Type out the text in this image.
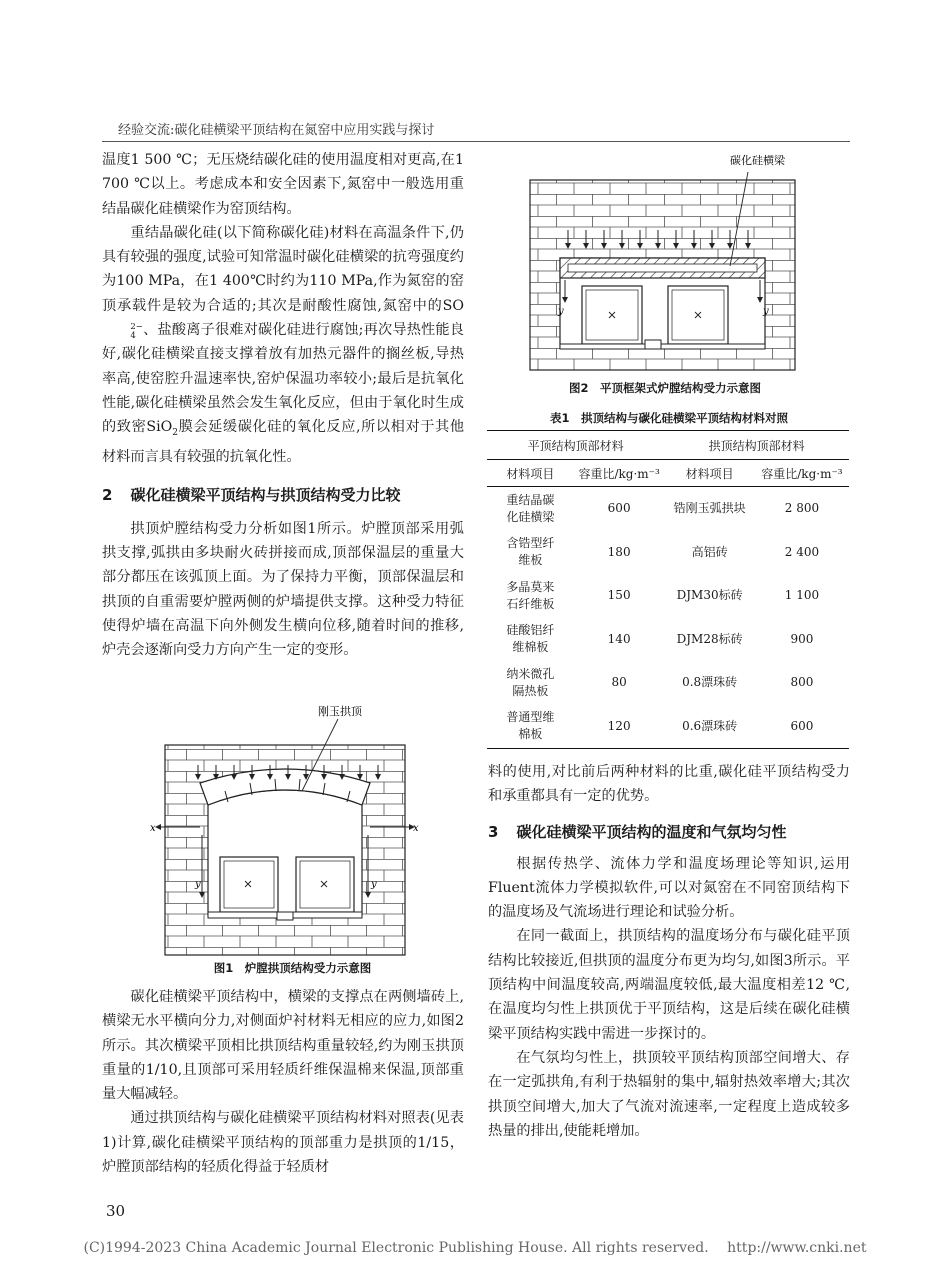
经验交流:碳化硅横梁平顶结构在氮窑中应用实践与探讨

温度1 500 ℃；无压烧结碳化硅的使用温度相对更高,在1 700 ℃以上。考虑成本和安全因素下,氮窑中一般选用重结晶碳化硅横梁作为窑顶结构。

重结晶碳化硅(以下简称碳化硅)材料在高温条件下,仍具有较强的强度,试验可知常温时碳化硅横梁的抗弯强度约为100 MPa，在1 400℃时约为110 MPa,作为氮窑的窑顶承载件是较为合适的;其次是耐酸性腐蚀,氮窑中的SO
2−
4 、盐酸离子很难对碳化硅进行腐蚀;再次导热性能良好,碳化硅横梁直接支撑着放有加热元器件的搁丝板,导热率高,使窑腔升温速率快,窑炉保温功率较小;最后是抗氧化性能,碳化硅横梁虽然会发生氧化反应，但由于氧化时生成的致密SiO$_2$膜会延缓碳化硅的氧化反应,所以相对于其他材料而言具有较强的抗氧化性。

2 碳化硅横梁平顶结构与拱顶结构受力比较

拱顶炉膛结构受力分析如图1所示。炉膛顶部采用弧拱支撑,弧拱由多块耐火砖拼接而成,顶部保温层的重量大部分都压在该弧顶上面。为了保持力平衡，顶部保温层和拱顶的自重需要炉膛两侧的炉墙提供支撑。这种受力特征使得炉墙在高温下向外侧发生横向位移,随着时间的推移,炉壳会逐渐向受力方向产生一定的变形。

x	x
y	y
刚玉拱顶
图1　炉膛拱顶结构受力示意图

碳化硅横梁平顶结构中，横梁的支撑点在两侧墙砖上,横梁无水平横向分力,对侧面炉衬材料无相应的应力,如图2所示。其次横梁平顶相比拱顶结构重量较轻,约为刚玉拱顶重量的1/10,且顶部可采用轻质纤维保温棉来保温,顶部重量大幅减轻。

通过拱顶结构与碳化硅横梁平顶结构材料对照表(见表1)计算,碳化硅横梁平顶结构的顶部重力是拱顶的1/15，炉膛顶部结构的轻质化得益于轻质材

y	y
碳化硅横梁
图2　平顶框架式炉膛结构受力示意图
表1　拱顶结构与碳化硅横梁平顶结构材料对照
平顶结构顶部材料		拱顶结构顶部材料	
材料项目	容重比/kg·m⁻³	材料项目	容重比/kg·m⁻³
重结晶碳化硅横梁	600	锆刚玉弧拱块	2 800
含锆型纤维板	180	高铝砖	2 400
多晶莫来石纤维板	150	DJM30标砖	1 100
硅酸铝纤维棉板	140	DJM28标砖	900
纳米微孔隔热板	80	0.8漂珠砖	800
普通型维棉板	120	0.6漂珠砖	600

料的使用,对比前后两种材料的比重,碳化硅平顶结构受力和承重都具有一定的优势。

3 碳化硅横梁平顶结构的温度和气氛均匀性

根据传热学、流体力学和温度场理论等知识,运用Fluent流体力学模拟软件,可以对氮窑在不同窑顶结构下的温度场及气流场进行理论和试验分析。

在同一截面上，拱顶结构的温度场分布与碳化硅平顶结构比较接近,但拱顶的温度分布更为均匀,如图3所示。平顶结构中间温度较高,两端温度较低,最大温度相差12 ℃,在温度均匀性上拱顶优于平顶结构，这是后续在碳化硅横梁平顶结构实践中需进一步探讨的。

在气氛均匀性上，拱顶较平顶结构顶部空间增大、存在一定弧拱角,有利于热辐射的集中,辐射热效率增大;其次拱顶空间增大,加大了气流对流速率,一定程度上造成较多热量的排出,使能耗增加。

30
(C)1994-2023 China Academic Journal Electronic Publishing House. All rights reserved.　 http://www.cnki.net
